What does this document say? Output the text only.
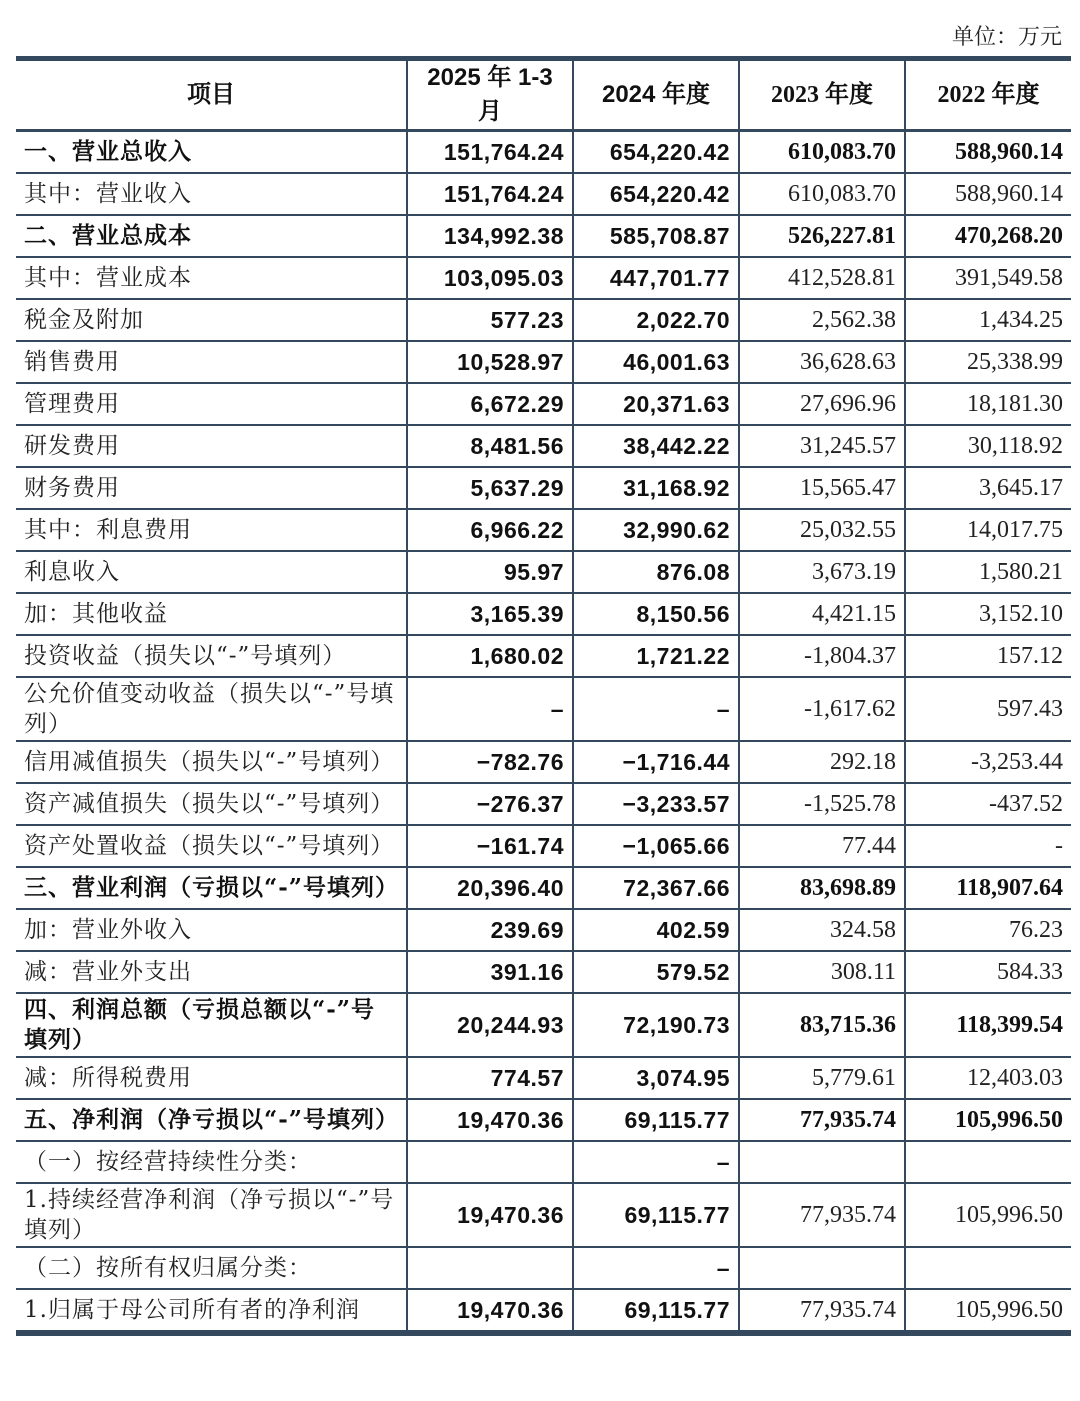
单位：万元
项目	2025 年 1-3 月	2024 年度	2023 年度	2022 年度
一、营业总收入	151,764.24	654,220.42	610,083.70	588,960.14
其中：营业收入	151,764.24	654,220.42	610,083.70	588,960.14
二、营业总成本	134,992.38	585,708.87	526,227.81	470,268.20
其中：营业成本	103,095.03	447,701.77	412,528.81	391,549.58
税金及附加	577.23	2,022.70	2,562.38	1,434.25
销售费用	10,528.97	46,001.63	36,628.63	25,338.99
管理费用	6,672.29	20,371.63	27,696.96	18,181.30
研发费用	8,481.56	38,442.22	31,245.57	30,118.92
财务费用	5,637.29	31,168.92	15,565.47	3,645.17
其中：利息费用	6,966.22	32,990.62	25,032.55	14,017.75
利息收入	95.97	876.08	3,673.19	1,580.21
加：其他收益	3,165.39	8,150.56	4,421.15	3,152.10
投资收益（损失以“-”号填列）	1,680.02	1,721.22	-1,804.37	157.12
公允价值变动收益（损失以“-”号填列）	–	–	-1,617.62	597.43
信用减值损失（损失以“-”号填列）	−782.76	−1,716.44	292.18	-3,253.44
资产减值损失（损失以“-”号填列）	−276.37	−3,233.57	-1,525.78	-437.52
资产处置收益（损失以“-”号填列）	−161.74	−1,065.66	77.44	-
三、营业利润（亏损以“-”号填列）	20,396.40	72,367.66	83,698.89	118,907.64
加：营业外收入	239.69	402.59	324.58	76.23
减：营业外支出	391.16	579.52	308.11	584.33
四、利润总额（亏损总额以“-”号填列）	20,244.93	72,190.73	83,715.36	118,399.54
减：所得税费用	774.57	3,074.95	5,779.61	12,403.03
五、净利润（净亏损以“-”号填列）	19,470.36	69,115.77	77,935.74	105,996.50
（一）按经营持续性分类：		–		
1.持续经营净利润（净亏损以“-”号填列）	19,470.36	69,115.77	77,935.74	105,996.50
（二）按所有权归属分类：		–		
1.归属于母公司所有者的净利润	19,470.36	69,115.77	77,935.74	105,996.50
